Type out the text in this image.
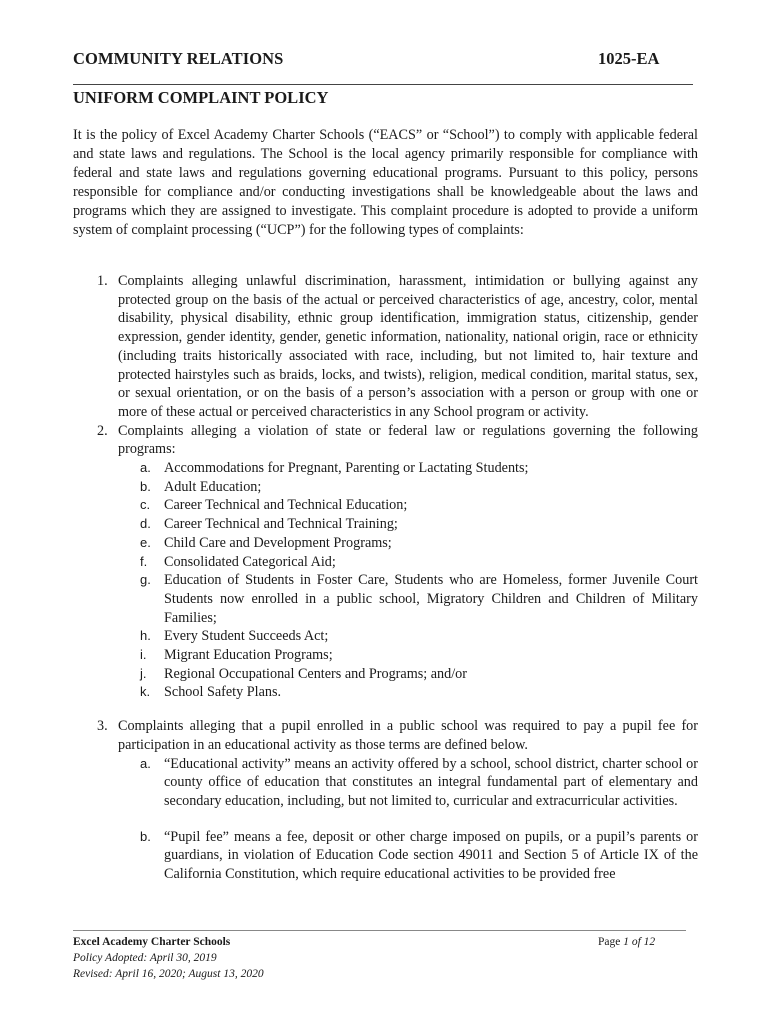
COMMUNITY RELATIONS	1025-EA
UNIFORM COMPLAINT POLICY
It is the policy of Excel Academy Charter Schools (“EACS” or “School”) to comply with applicable federal and state laws and regulations. The School is the local agency primarily responsible for compliance with federal and state laws and regulations governing educational programs. Pursuant to this policy, persons responsible for compliance and/or conducting investigations shall be knowledgeable about the laws and programs which they are assigned to investigate. This complaint procedure is adopted to provide a uniform system of complaint processing (“UCP”) for the following types of complaints:
1. Complaints alleging unlawful discrimination, harassment, intimidation or bullying against any protected group on the basis of the actual or perceived characteristics of age, ancestry, color, mental disability, physical disability, ethnic group identification, immigration status, citizenship, gender expression, gender identity, gender, genetic information, nationality, national origin, race or ethnicity (including traits historically associated with race, including, but not limited to, hair texture and protected hairstyles such as braids, locks, and twists), religion, medical condition, marital status, sex, or sexual orientation, or on the basis of a person’s association with a person or group with one or more of these actual or perceived characteristics in any School program or activity.
2. Complaints alleging a violation of state or federal law or regulations governing the following programs:
a. Accommodations for Pregnant, Parenting or Lactating Students;
b. Adult Education;
c. Career Technical and Technical Education;
d. Career Technical and Technical Training;
e. Child Care and Development Programs;
f. Consolidated Categorical Aid;
g. Education of Students in Foster Care, Students who are Homeless, former Juvenile Court Students now enrolled in a public school, Migratory Children and Children of Military Families;
h. Every Student Succeeds Act;
i. Migrant Education Programs;
j. Regional Occupational Centers and Programs; and/or
k. School Safety Plans.
3. Complaints alleging that a pupil enrolled in a public school was required to pay a pupil fee for participation in an educational activity as those terms are defined below.
a. “Educational activity” means an activity offered by a school, school district, charter school or county office of education that constitutes an integral fundamental part of elementary and secondary education, including, but not limited to, curricular and extracurricular activities.
b. “Pupil fee” means a fee, deposit or other charge imposed on pupils, or a pupil’s parents or guardians, in violation of Education Code section 49011 and Section 5 of Article IX of the California Constitution, which require educational activities to be provided free
Excel Academy Charter Schools	Page 1 of 12
Policy Adopted: April 30, 2019
Revised: April 16, 2020; August 13, 2020
